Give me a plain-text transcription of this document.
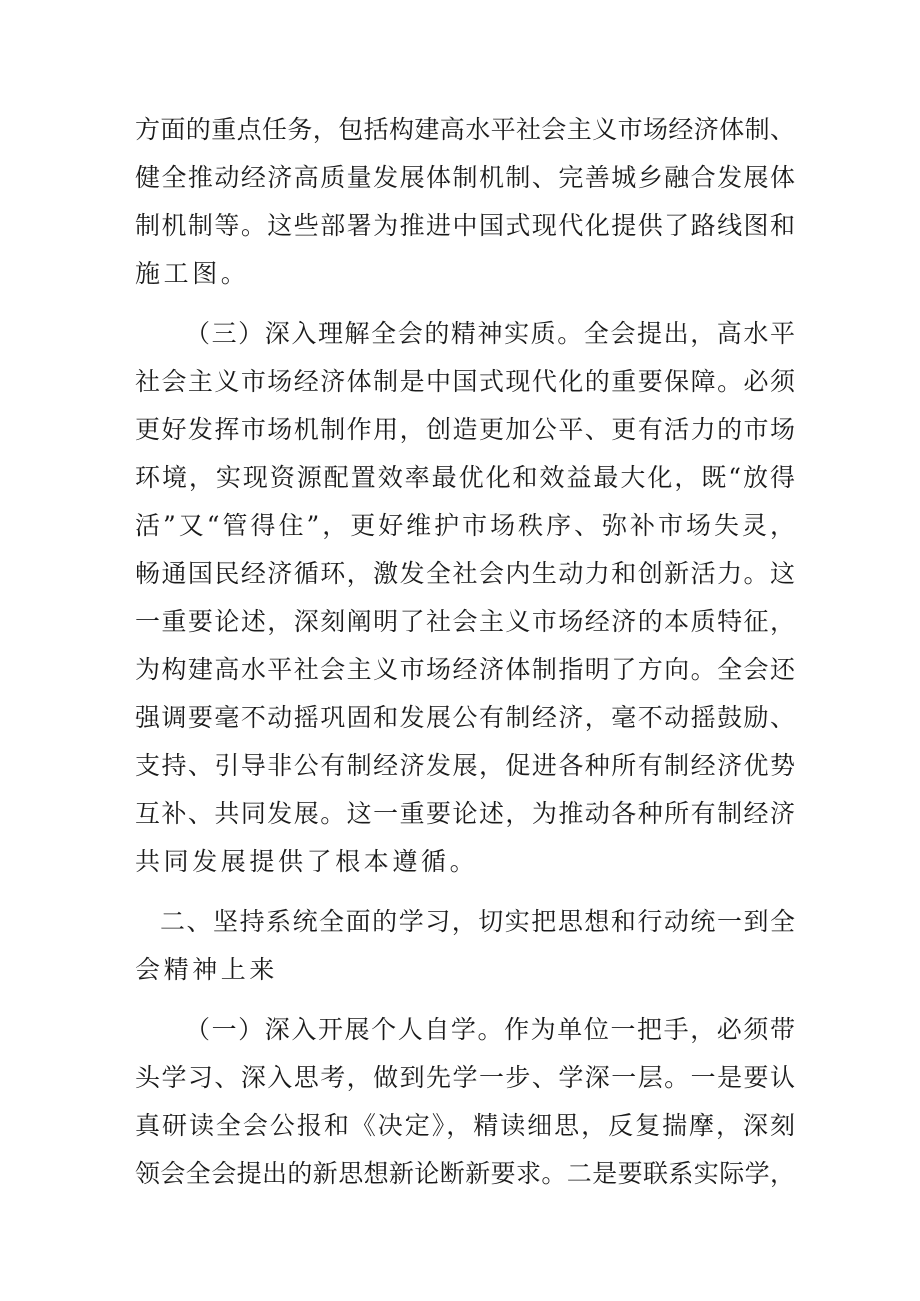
方面的重点任务，包括构建高水平社会主义市场经济体制、
健全推动经济高质量发展体制机制、完善城乡融合发展体
制机制等。这些部署为推进中国式现代化提供了路线图和
施工图。
（三）深入理解全会的精神实质。全会提出，高水平
社会主义市场经济体制是中国式现代化的重要保障。必须
更好发挥市场机制作用，创造更加公平、更有活力的市场
环境，实现资源配置效率最优化和效益最大化，既“放得
活”又“管得住”，更好维护市场秩序、弥补市场失灵，
畅通国民经济循环，激发全社会内生动力和创新活力。这
一重要论述，深刻阐明了社会主义市场经济的本质特征，
为构建高水平社会主义市场经济体制指明了方向。全会还
强调要毫不动摇巩固和发展公有制经济，毫不动摇鼓励、
支持、引导非公有制经济发展，促进各种所有制经济优势
互补、共同发展。这一重要论述，为推动各种所有制经济
共同发展提供了根本遵循。
二、坚持系统全面的学习，切实把思想和行动统一到全
会精神上来
（一）深入开展个人自学。作为单位一把手，必须带
头学习、深入思考，做到先学一步、学深一层。一是要认
真研读全会公报和《决定》，精读细思，反复揣摩，深刻
领会全会提出的新思想新论断新要求。二是要联系实际学，
